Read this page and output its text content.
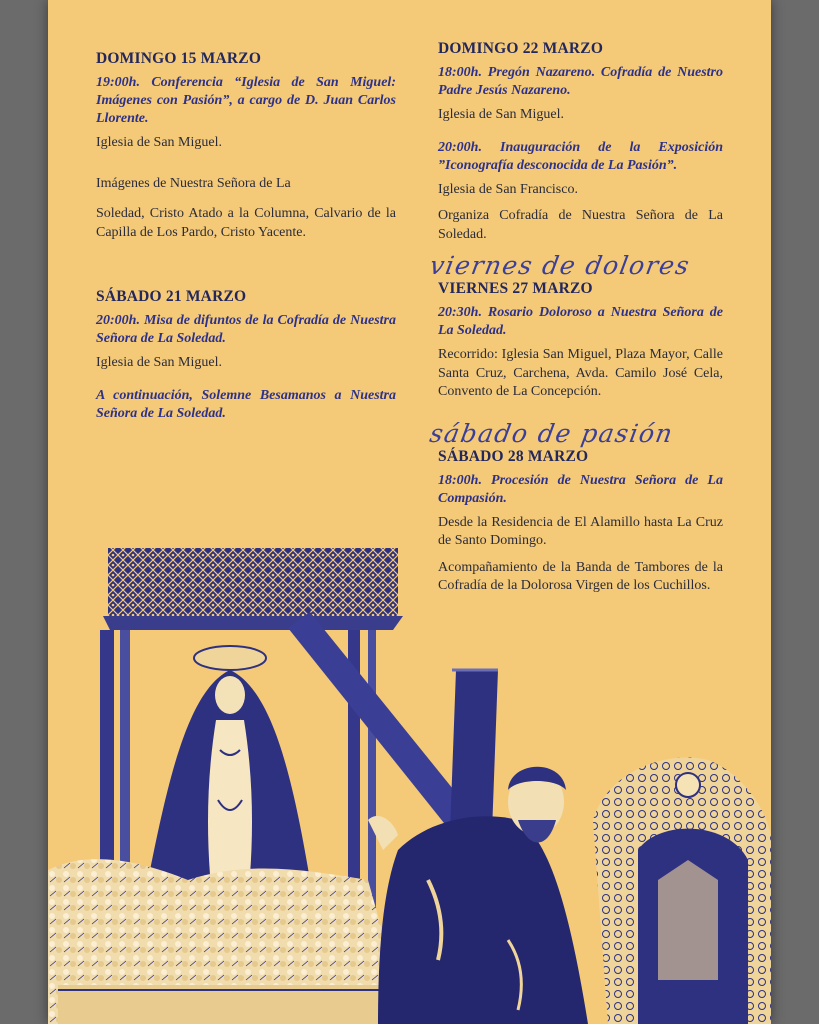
DOMINGO 15 MARZO
19:00h. Conferencia “Iglesia de San Miguel: Imágenes con Pasión”, a cargo de D. Juan Carlos Llorente.
Iglesia de San Miguel.
Imágenes de Nuestra Señora de La
Soledad, Cristo Atado a la Columna, Calvario de la Capilla de Los Pardo, Cristo Yacente.
SÁBADO 21 MARZO
20:00h. Misa de difuntos de la Cofradía de Nuestra Señora de La Soledad.
Iglesia de San Miguel.
A continuación, Solemne Besamanos a Nuestra Señora de La Soledad.
DOMINGO 22 MARZO
18:00h. Pregón Nazareno. Cofradía de Nuestro Padre Jesús Nazareno.
Iglesia de San Miguel.
20:00h. Inauguración de la Exposición ”Iconografía desconocida de La Pasión”.
Iglesia de San Francisco.
Organiza Cofradía de Nuestra Señora de La Soledad.
viernes de dolores
VIERNES 27 MARZO
20:30h. Rosario Doloroso a Nuestra Señora de La Soledad.
Recorrido: Iglesia San Miguel, Plaza Mayor, Calle Santa Cruz, Carchena, Avda. Camilo José Cela, Convento de La Concepción.
sábado de pasión
SÁBADO 28 MARZO
18:00h. Procesión de Nuestra Señora de La Compasión.
Desde la Residencia de El Alamillo hasta La Cruz de Santo Domingo.
Acompañamiento de la Banda de Tambores de la Cofradía de la Dolorosa Virgen de los Cuchillos.
